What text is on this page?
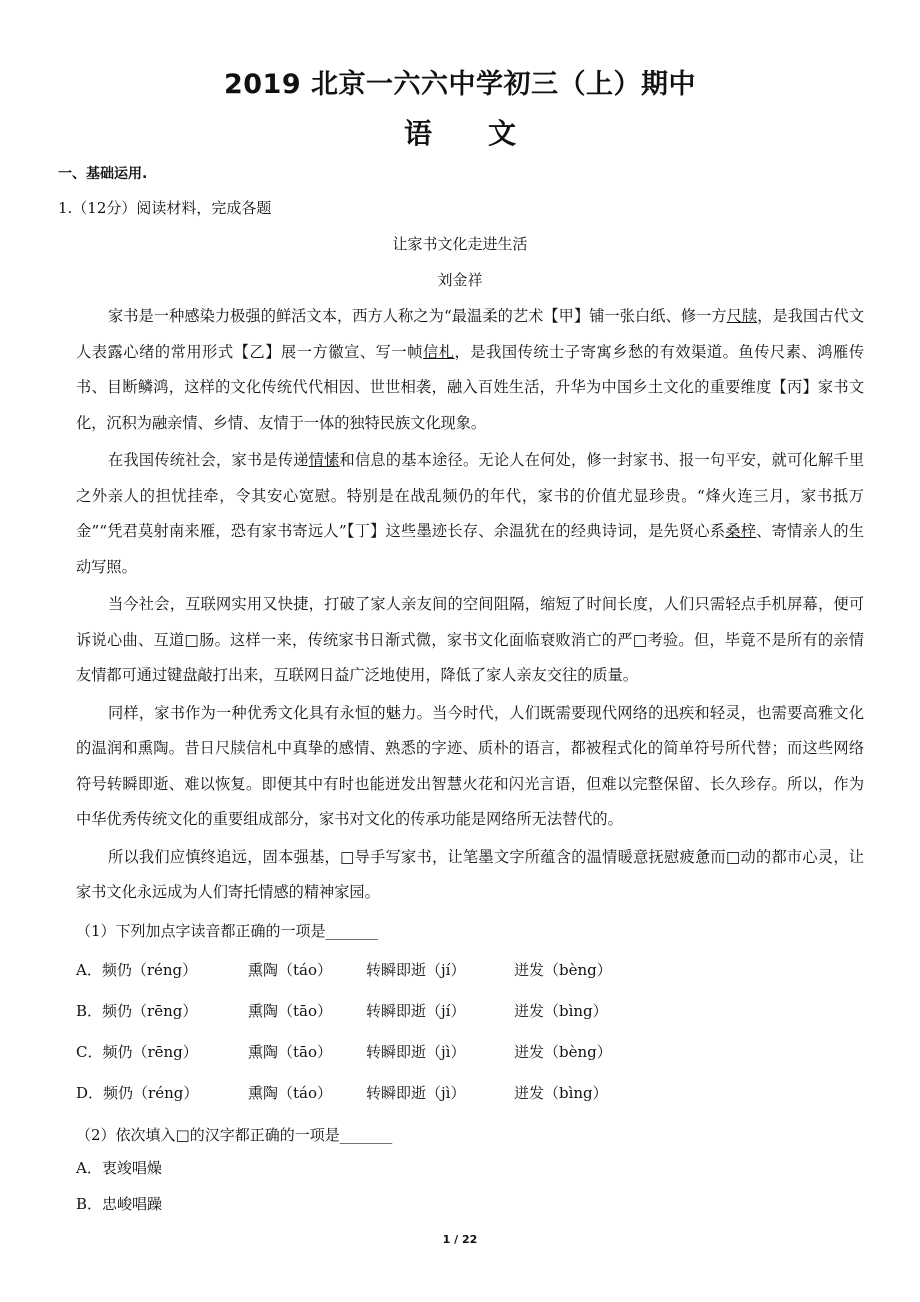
2019 北京一六六中学初三（上）期中
语文
一、基础运用.
1.（12分）阅读材料，完成各题
让家书文化走进生活
刘金祥

家书是一种感染力极强的鲜活文本，西方人称之为“最温柔的艺术【甲】铺一张白纸、修一方尺牍，是我国古代文人表露心绪的常用形式【乙】展一方徽宣、写一帧信札，是我国传统士子寄寓乡愁的有效渠道。鱼传尺素、鸿雁传书、目断鳞鸿，这样的文化传统代代相因、世世相袭，融入百姓生活，升华为中国乡土文化的重要维度【丙】家书文化，沉积为融亲情、乡情、友情于一体的独特民族文化现象。

在我国传统社会，家书是传递情愫和信息的基本途径。无论人在何处，修一封家书、报一句平安，就可化解千里之外亲人的担忧挂牵，令其安心宽慰。特别是在战乱频仍的年代，家书的价值尤显珍贵。“烽火连三月，家书抵万金”“凭君莫射南来雁，恐有家书寄远人”【丁】这些墨迹长存、余温犹在的经典诗词，是先贤心系桑梓、寄情亲人的生动写照。

当今社会，互联网实用又快捷，打破了家人亲友间的空间阻隔，缩短了时间长度，人们只需轻点手机屏幕，便可诉说心曲、互道□肠。这样一来，传统家书日渐式微，家书文化面临衰败消亡的严□考验。但，毕竟不是所有的亲情友情都可通过键盘敲打出来，互联网日益广泛地使用，降低了家人亲友交往的质量。

同样，家书作为一种优秀文化具有永恒的魅力。当今时代，人们既需要现代网络的迅疾和轻灵，也需要高雅文化的温润和熏陶。昔日尺牍信札中真挚的感情、熟悉的字迹、质朴的语言，都被程式化的简单符号所代替；而这些网络符号转瞬即逝、难以恢复。即便其中有时也能迸发出智慧火花和闪光言语，但难以完整保留、长久珍存。所以，作为中华优秀传统文化的重要组成部分，家书对文化的传承功能是网络所无法替代的。

所以我们应慎终追远，固本强基，□导手写家书，让笔墨文字所蕴含的温情暖意抚慰疲惫而□动的都市心灵，让家书文化永远成为人们寄托情感的精神家园。

（1）下列加点字读音都正确的一项是_______
A．频仍（réng）	熏陶（táo） 转瞬即逝（jí）	迸发（bèng）
B．频仍（rēng）	熏陶（tāo） 转瞬即逝（jí）	迸发（bìng）
C．频仍（rēng）	熏陶（tāo） 转瞬即逝（jì）	迸发（bèng）
D．频仍（réng）	熏陶（táo） 转瞬即逝（jì）	迸发（bìng）
（2）依次填入□的汉字都正确的一项是_______
A．衷竣唱燥
B．忠峻唱躁
1 / 22
